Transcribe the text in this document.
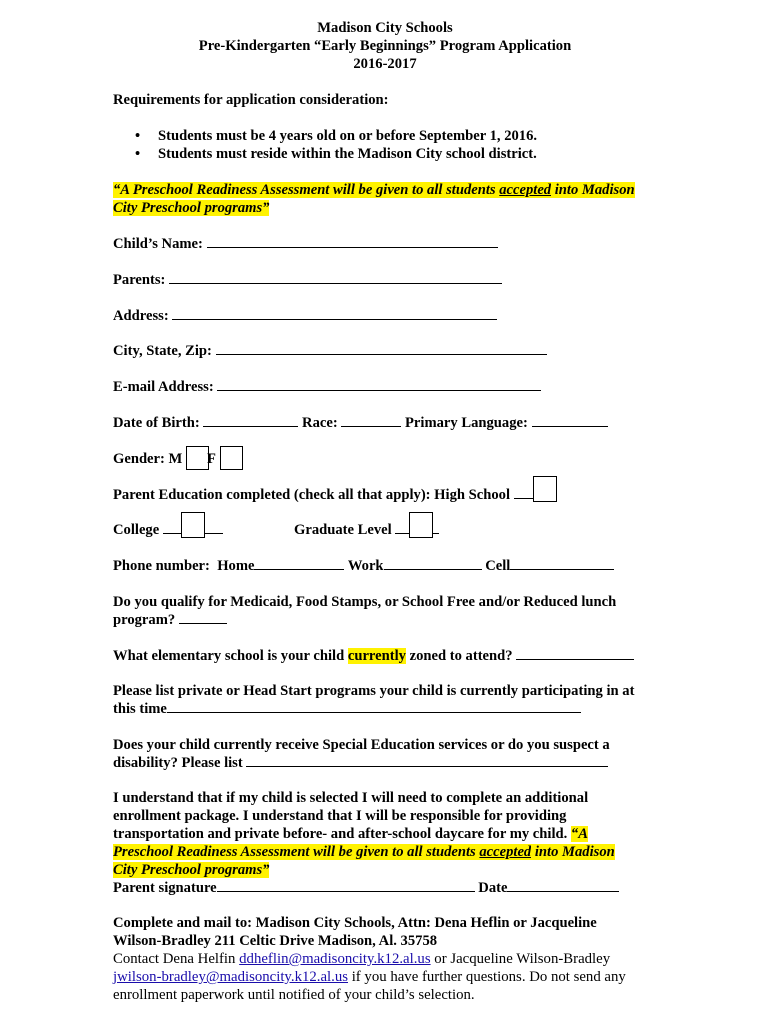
Madison City Schools
Pre-Kindergarten “Early Beginnings” Program Application
2016-2017
Requirements for application consideration:
• Students must be 4 years old on or before September 1, 2016.
• Students must reside within the Madison City school district.
“A Preschool Readiness Assessment will be given to all students accepted into Madison
City Preschool programs”
Child’s Name:
Parents:
Address:
City, State, Zip:
E-mail Address:
Date of Birth:	Race:	Primary Language:
Gender: M F
Parent Education completed (check all that apply): High School
College	Graduate Level
Phone number: Home	Work	Cell
Do you qualify for Medicaid, Food Stamps, or School Free and/or Reduced lunch
program?
What elementary school is your child currently zoned to attend?
Please list private or Head Start programs your child is currently participating in at
this time
Does your child currently receive Special Education services or do you suspect a
disability? Please list
I understand that if my child is selected I will need to complete an additional
enrollment package. I understand that I will be responsible for providing
transportation and private before- and after-school daycare for my child. “A
Preschool Readiness Assessment will be given to all students accepted into Madison
City Preschool programs”
Parent signature	Date
Complete and mail to: Madison City Schools, Attn: Dena Heflin or Jacqueline
Wilson-Bradley 211 Celtic Drive Madison, Al. 35758
Contact Dena Helfin ddheflin@madisoncity.k12.al.us or Jacqueline Wilson-Bradley
jwilson-bradley@madisoncity.k12.al.us if you have further questions. Do not send any
enrollment paperwork until notified of your child’s selection.
